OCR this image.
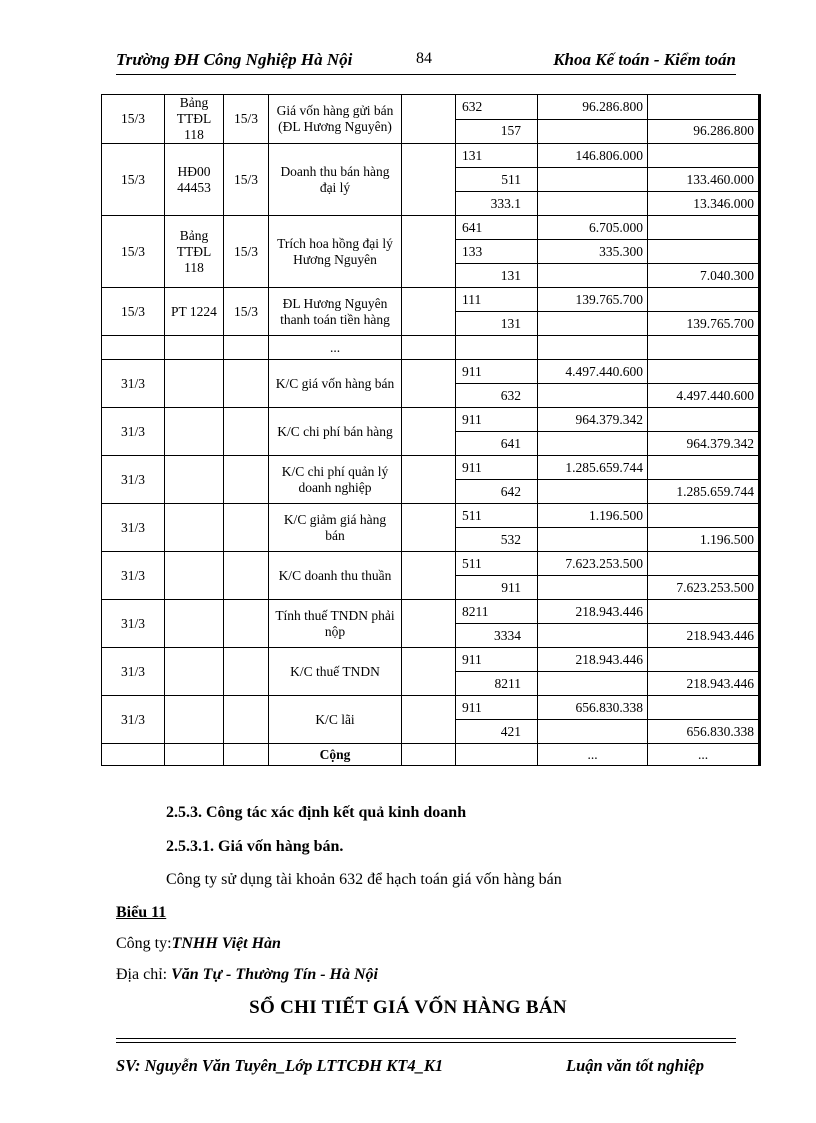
Trường ĐH Công Nghiệp Hà Nội	84	Khoa Kế toán - Kiểm toán
15/3	Bảng TTĐL 118	15/3	Giá vốn hàng gửi bán (ĐL Hương Nguyên)		632	96.286.800	
					157		96.286.800
15/3	HĐ00 44453	15/3	Doanh thu bán hàng đại lý		131	146.806.000	
					511		133.460.000
					333.1		13.346.000
15/3	Bảng TTĐL 118	15/3	Trích hoa hồng đại lý Hương Nguyên		641	6.705.000	
					133	335.300	
					131		7.040.300
15/3	PT 1224	15/3	ĐL Hương Nguyên thanh toán tiền hàng		111	139.765.700	
					131		139.765.700
			...				
31/3			K/C giá vốn hàng bán		911	4.497.440.600	
					632		4.497.440.600
31/3			K/C chi phí bán hàng		911	964.379.342	
					641		964.379.342
31/3			K/C chi phí quản lý doanh nghiệp		911	1.285.659.744	
					642		1.285.659.744
31/3			K/C giảm giá hàng bán		511	1.196.500	
					532		1.196.500
31/3			K/C doanh thu thuần		511	7.623.253.500	
					911		7.623.253.500
31/3			Tính thuế TNDN phải nộp		8211	218.943.446	
					3334		218.943.446
31/3			K/C thuế TNDN		911	218.943.446	
					8211		218.943.446
31/3			K/C lãi		911	656.830.338	
					421		656.830.338
			Cộng			...	...
2.5.3. Công tác xác định kết quả kinh doanh
2.5.3.1. Giá vốn hàng bán.
Công ty sử dụng tài khoản 632 để hạch toán giá vốn hàng bán
Biểu 11
Công ty:TNHH Việt Hàn
Địa chỉ: Văn Tự - Thường Tín - Hà Nội
SỔ CHI TIẾT GIÁ VỐN HÀNG BÁN
SV: Nguyễn Văn Tuyên_Lớp LTTCĐH KT4_K1	Luận văn tốt nghiệp
